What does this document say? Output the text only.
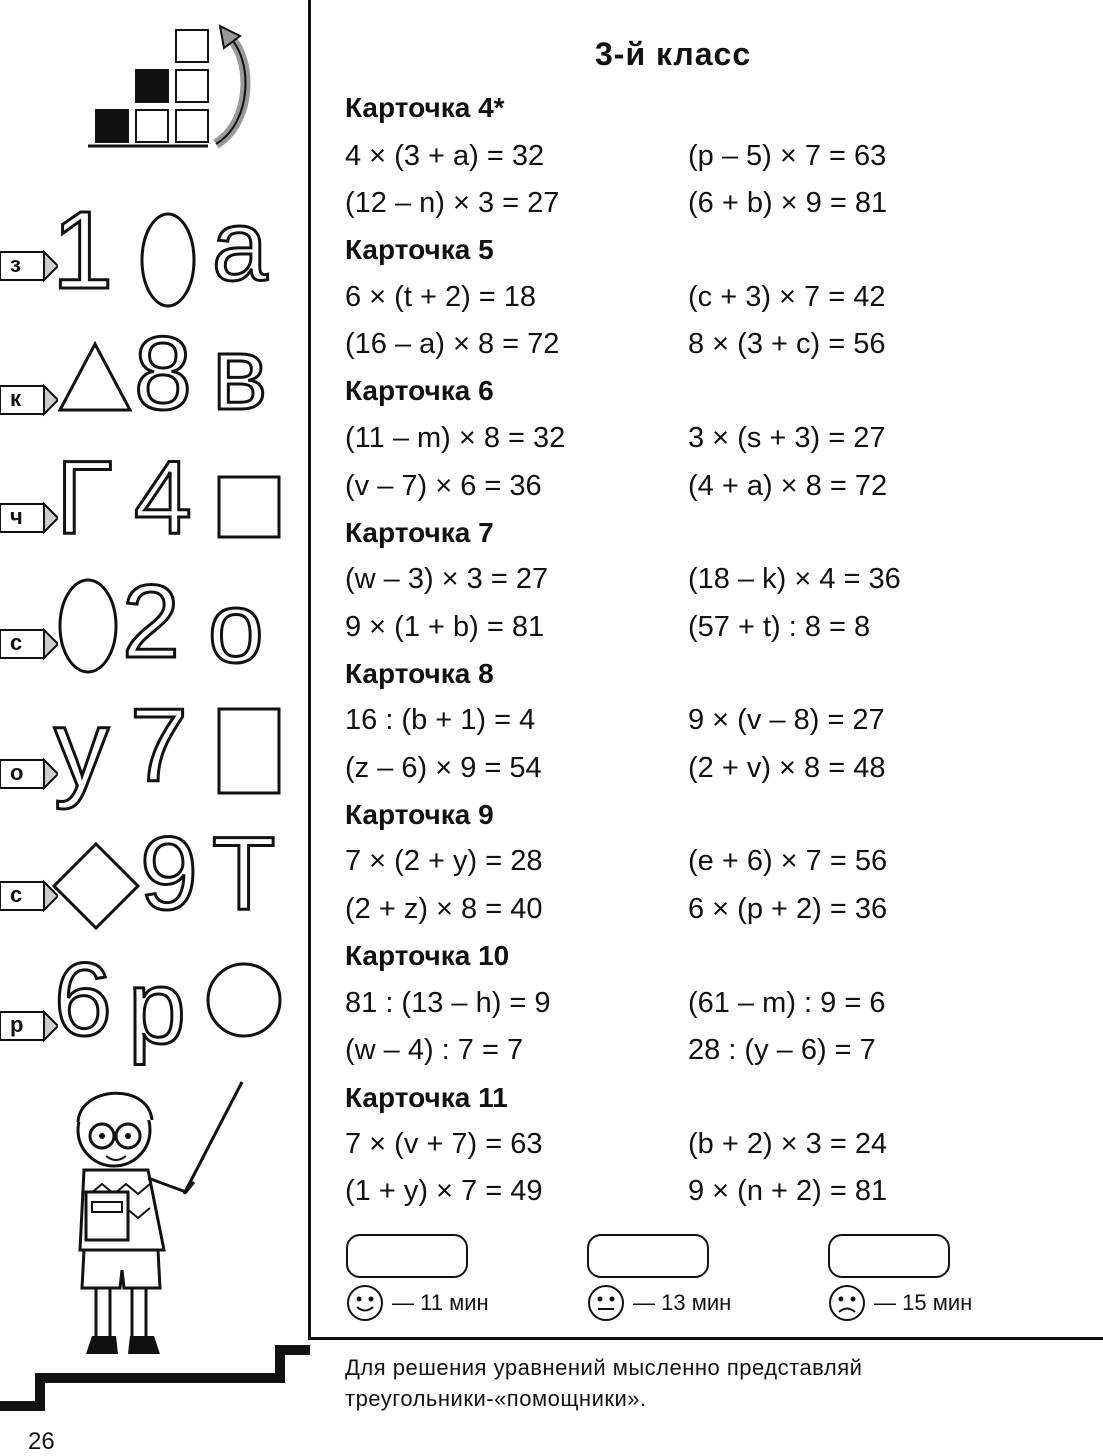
з 1 а
к 8 в
ч Г 4
с 2 о
о у 7
с 9 Т
р 6 р
26
3-й класс
Карточка 4*
4 × (3 + a) = 32	(p – 5) × 7 = 63
(12 – n) × 3 = 27	(6 + b) × 9 = 81
Карточка 5
6 × (t + 2) = 18	(c + 3) × 7 = 42
(16 – a) × 8 = 72	8 × (3 + c) = 56
Карточка 6
(11 – m) × 8 = 32	3 × (s + 3) = 27
(v – 7) × 6 = 36	(4 + a) × 8 = 72
Карточка 7
(w – 3) × 3 = 27	(18 – k) × 4 = 36
9 × (1 + b) = 81	(57 + t) : 8 = 8
Карточка 8
16 : (b + 1) = 4	9 × (v – 8) = 27
(z – 6) × 9 = 54	(2 + v) × 8 = 48
Карточка 9
7 × (2 + y) = 28	(e + 6) × 7 = 56
(2 + z) × 8 = 40	6 × (p + 2) = 36
Карточка 10
81 : (13 – h) = 9	(61 – m) : 9 = 6
(w – 4) : 7 = 7	28 : (y – 6) = 7
Карточка 11
7 × (v + 7) = 63	(b + 2) × 3 = 24
(1 + y) × 7 = 49	9 × (n + 2) = 81
— 11 мин	— 13 мин	— 15 мин
Для решения уравнений мысленно представляй
треугольники-«помощники».
